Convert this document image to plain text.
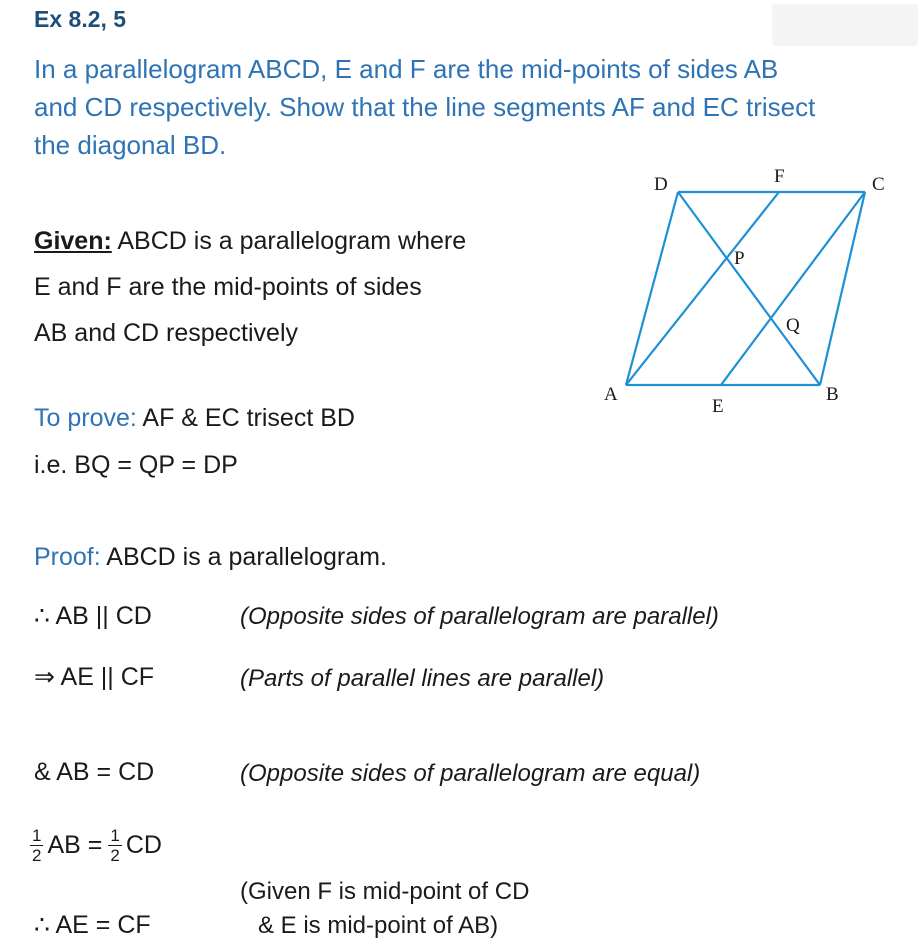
Ex 8.2, 5
In a parallelogram ABCD, E and F are the mid-points of sides AB
and CD respectively. Show that the line segments AF and EC trisect
the diagonal BD.
Given: ABCD is a parallelogram where
E and F are the mid-points of sides
AB and CD respectively
D	F	C
P
Q
A
E
B
To prove: AF & EC trisect BD
i.e. BQ = QP = DP
Proof: ABCD is a parallelogram.
∴ AB || CD	(Opposite sides of parallelogram are parallel)
⇒ AE || CF	(Parts of parallel lines are parallel)
& AB = CD	(Opposite sides of parallelogram are equal)
$\frac{1}{2}$ AB = $\frac{1}{2}$ CD
(Given F is mid-point of CD
∴ AE = CF	& E is mid-point of AB)
